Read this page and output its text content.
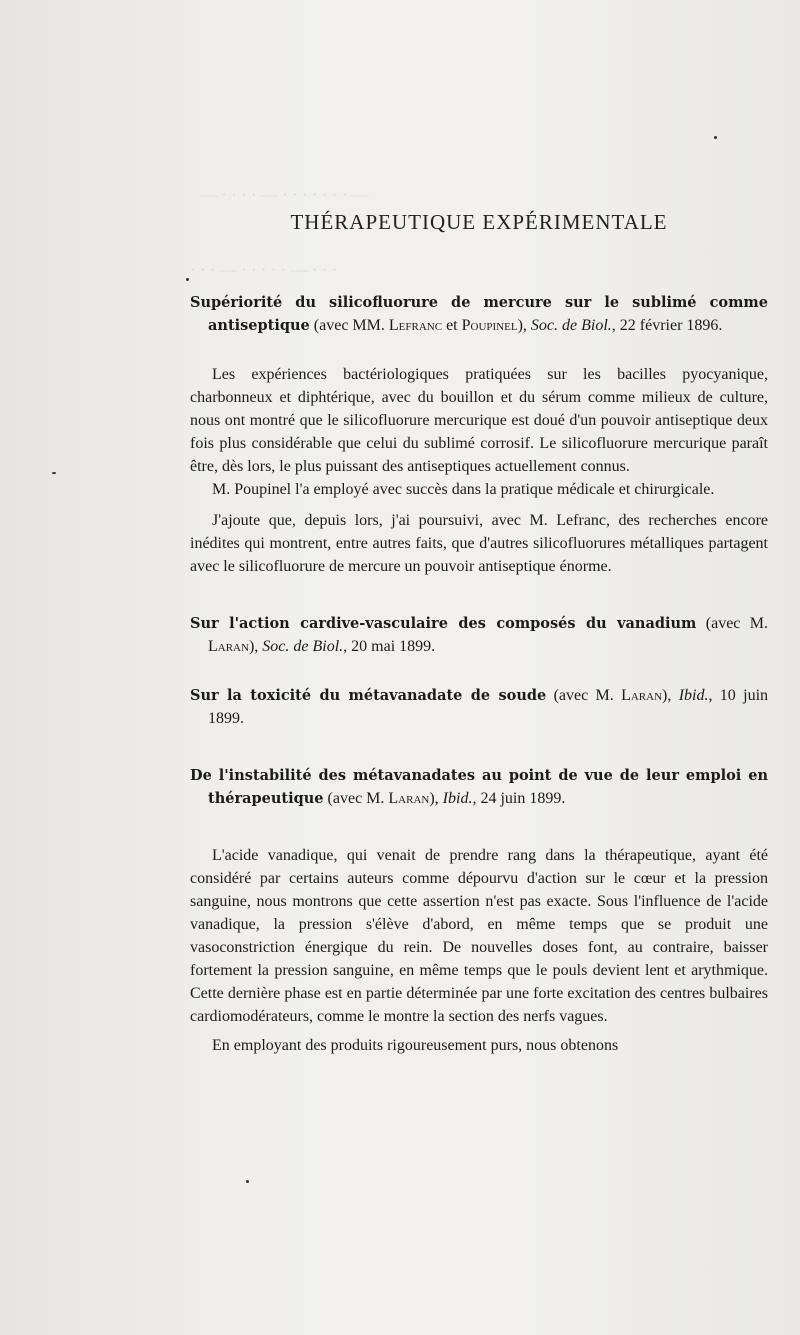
— · · · · · · · — · · · · —
· · · — · · · · · — · · ·
THÉRAPEUTIQUE EXPÉRIMENTALE

Supériorité du silicofluorure de mercure sur le sublimé comme antiseptique (avec MM. Lefranc et Poupinel), Soc. de Biol., 22 février 1896.

Les expériences bactériologiques pratiquées sur les bacilles pyocyanique, charbonneux et diphtérique, avec du bouillon et du sérum comme milieux de culture, nous ont montré que le silicofluorure mercurique est doué d'un pouvoir antiseptique deux fois plus considérable que celui du sublimé corrosif. Le silicofluorure mercurique paraît être, dès lors, le plus puissant des antiseptiques actuellement connus.

M. Poupinel l'a employé avec succès dans la pratique médicale et chirurgicale.

J'ajoute que, depuis lors, j'ai poursuivi, avec M. Lefranc, des recherches encore inédites qui montrent, entre autres faits, que d'autres silicofluorures métalliques partagent avec le silicofluorure de mercure un pouvoir antiseptique énorme.

Sur l'action cardive-vasculaire des composés du vanadium (avec M. Laran), Soc. de Biol., 20 mai 1899.

Sur la toxicité du métavanadate de soude (avec M. Laran), Ibid., 10 juin 1899.

De l'instabilité des métavanadates au point de vue de leur emploi en thérapeutique (avec M. Laran), Ibid., 24 juin 1899.

L'acide vanadique, qui venait de prendre rang dans la thérapeutique, ayant été considéré par certains auteurs comme dépourvu d'action sur le cœur et la pression sanguine, nous montrons que cette assertion n'est pas exacte. Sous l'influence de l'acide vanadique, la pression s'élève d'abord, en même temps que se produit une vasoconstriction énergique du rein. De nouvelles doses font, au contraire, baisser fortement la pression sanguine, en même temps que le pouls devient lent et arythmique. Cette dernière phase est en partie déterminée par une forte excitation des centres bulbaires cardiomodérateurs, comme le montre la section des nerfs vagues.

En employant des produits rigoureusement purs, nous obtenons
